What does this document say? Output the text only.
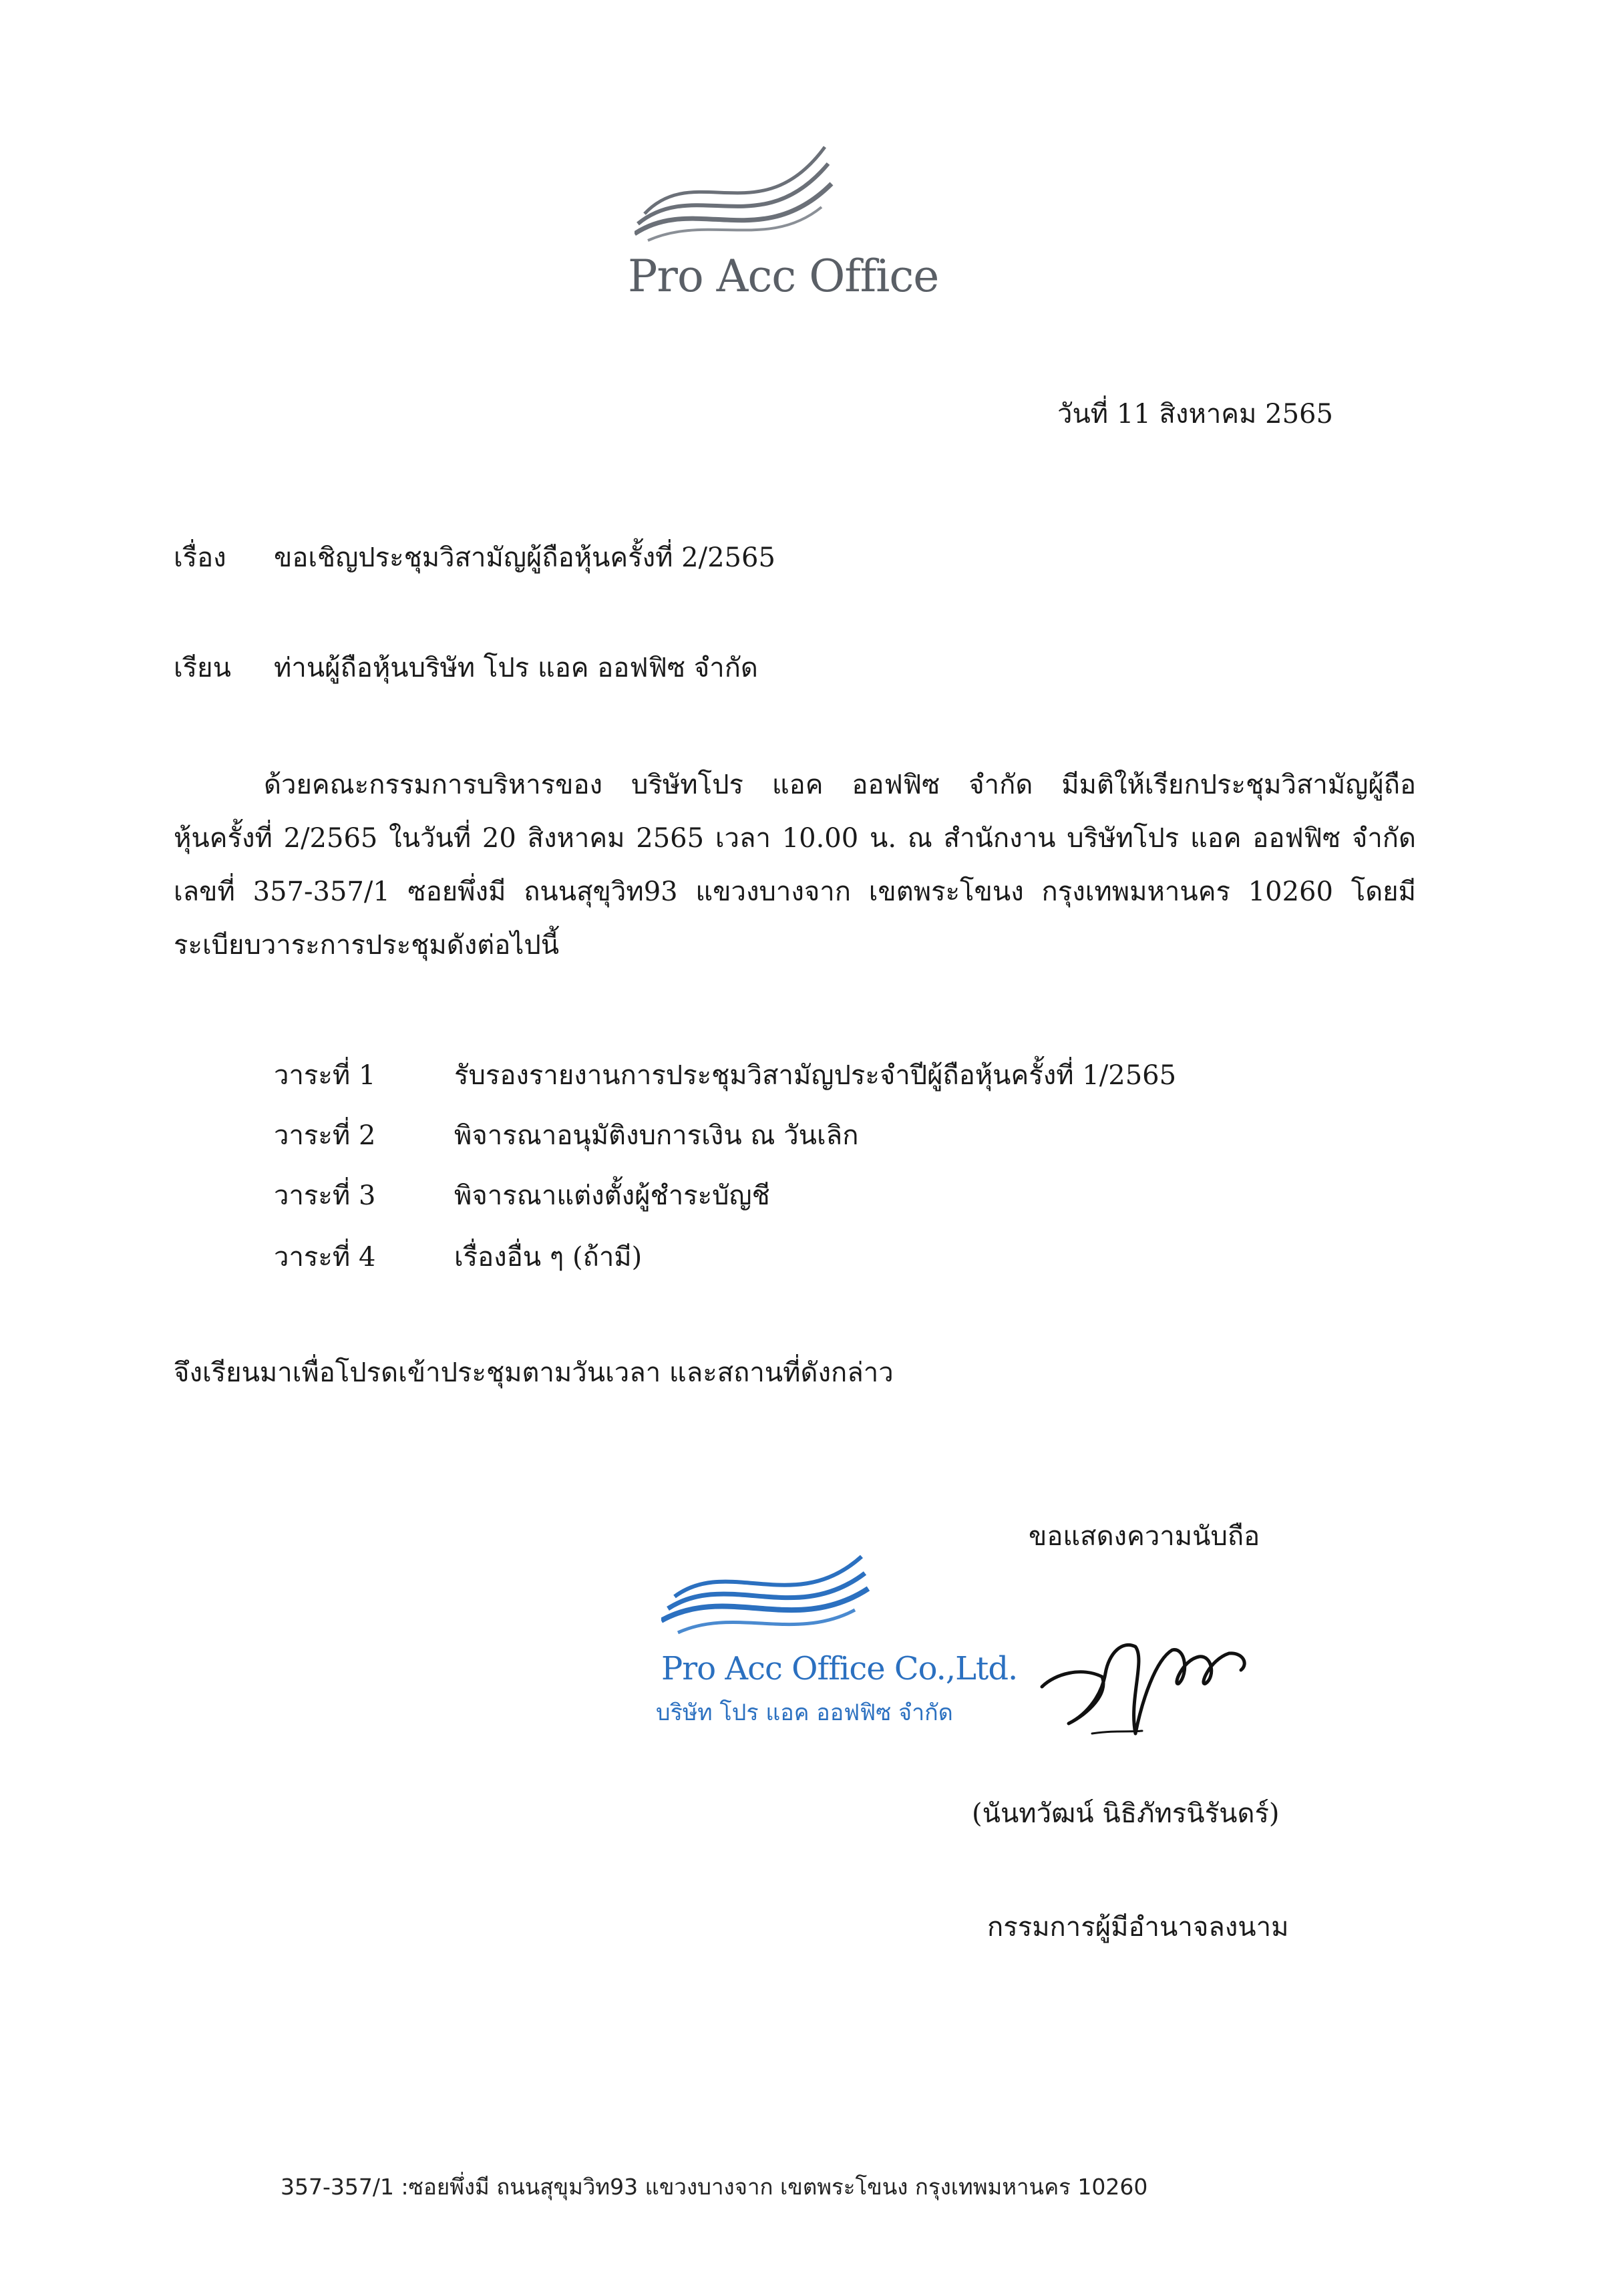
Pro Acc Office
วันที่ 11 สิงหาคม 2565
เรื่อง ขอเชิญประชุมวิสามัญผู้ถือหุ้นครั้งที่ 2/2565
เรียน ท่านผู้ถือหุ้นบริษัท โปร แอค ออฟฟิซ จำกัด
ด้วยคณะกรรมการบริหารของ บริษัทโปร แอค ออฟฟิซ จำกัด มีมติให้เรียกประชุมวิสามัญผู้ถือ
หุ้นครั้งที่ 2/2565 ในวันที่ 20 สิงหาคม 2565 เวลา 10.00 น. ณ สำนักงาน บริษัทโปร แอค ออฟฟิซ จำกัด
เลขที่ 357-357/1 ซอยพึ่งมี ถนนสุขุวิท93 แขวงบางจาก เขตพระโขนง กรุงเทพมหานคร 10260 โดยมี
ระเบียบวาระการประชุมดังต่อไปนี้
วาระที่ 1	รับรองรายงานการประชุมวิสามัญประจำปีผู้ถือหุ้นครั้งที่ 1/2565
วาระที่ 2	พิจารณาอนุมัติงบการเงิน ณ วันเลิก
วาระที่ 3	พิจารณาแต่งตั้งผู้ชำระบัญชี
วาระที่ 4	เรื่องอื่น ๆ (ถ้ามี)
จึงเรียนมาเพื่อโปรดเข้าประชุมตามวันเวลา และสถานที่ดังกล่าว
ขอแสดงความนับถือ
Pro Acc Office Co.,Ltd.
บริษัท โปร แอค ออฟฟิซ จำกัด
(นันทวัฒน์ นิธิภัทรนิรันดร์)
กรรมการผู้มีอำนาจลงนาม
357-357/1 :ซอยพึ่งมี ถนนสุขุมวิท93 แขวงบางจาก เขตพระโขนง กรุงเทพมหานคร 10260
